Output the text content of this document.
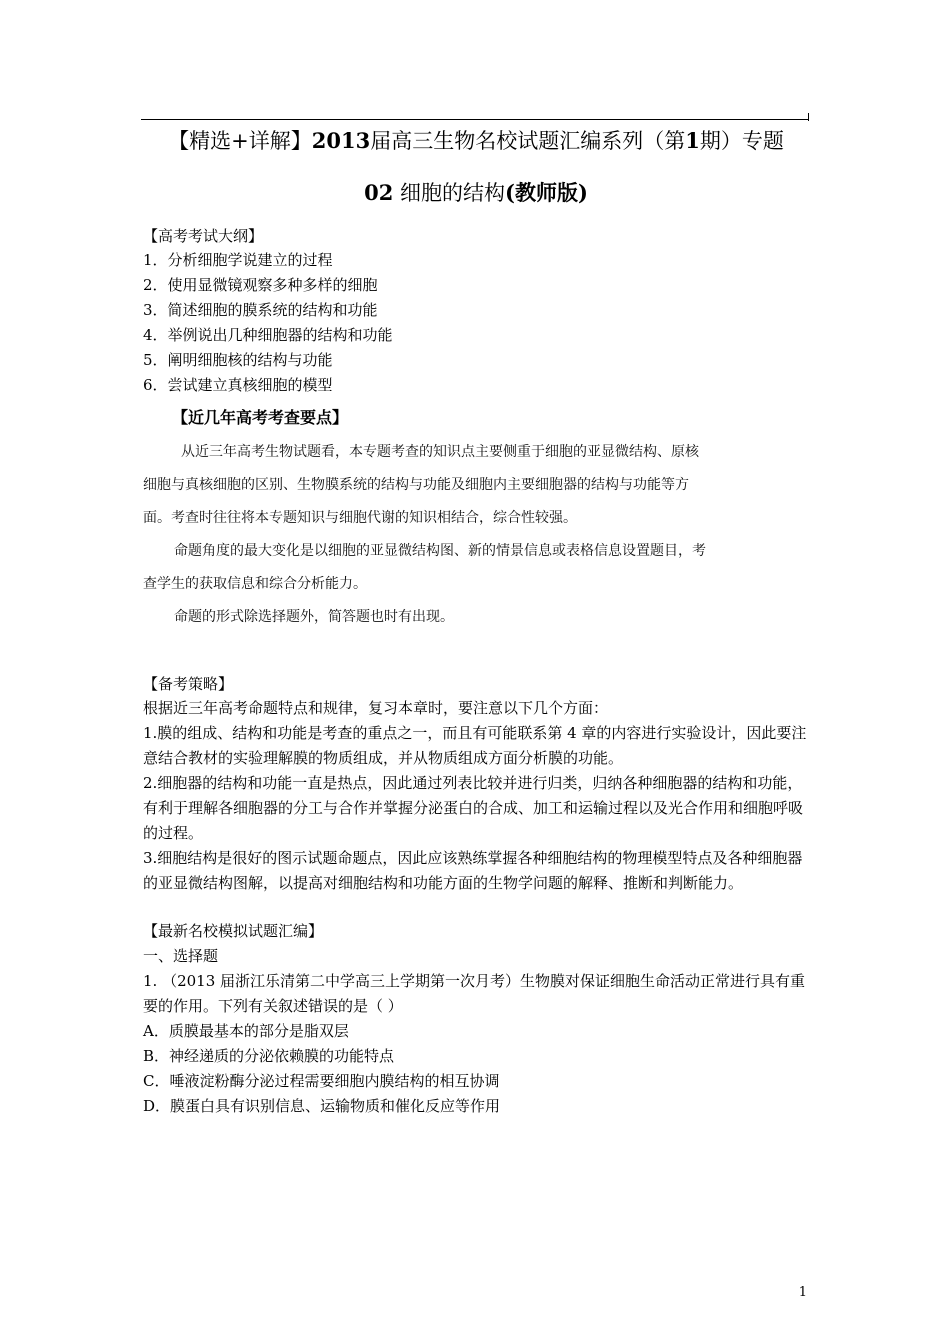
【精选+详解】2013届高三生物名校试题汇编系列（第1期）专题
02 细胞的结构(教师版)
【高考考试大纲】
1．分析细胞学说建立的过程
2．使用显微镜观察多种多样的细胞
3．简述细胞的膜系统的结构和功能
4．举例说出几种细胞器的结构和功能
5．阐明细胞核的结构与功能
6．尝试建立真核细胞的模型
【近几年高考考查要点】
从近三年高考生物试题看，本专题考查的知识点主要侧重于细胞的亚显微结构、原核
细胞与真核细胞的区别、生物膜系统的结构与功能及细胞内主要细胞器的结构与功能等方
面。考查时往往将本专题知识与细胞代谢的知识相结合，综合性较强。
命题角度的最大变化是以细胞的亚显微结构图、新的情景信息或表格信息设置题目，考
查学生的获取信息和综合分析能力。
命题的形式除选择题外，简答题也时有出现。
【备考策略】
根据近三年高考命题特点和规律，复习本章时，要注意以下几个方面：
1.膜的组成、结构和功能是考查的重点之一，而且有可能联系第 4 章的内容进行实验设计，因此要注意结合教材的实验理解膜的物质组成，并从物质组成方面分析膜的功能。
2.细胞器的结构和功能一直是热点，因此通过列表比较并进行归类，归纳各种细胞器的结构和功能，有利于理解各细胞器的分工与合作并掌握分泌蛋白的合成、加工和运输过程以及光合作用和细胞呼吸的过程。
3.细胞结构是很好的图示试题命题点，因此应该熟练掌握各种细胞结构的物理模型特点及各种细胞器的亚显微结构图解，以提高对细胞结构和功能方面的生物学问题的解释、推断和判断能力。
【最新名校模拟试题汇编】
一、选择题
1. （2013 届浙江乐清第二中学高三上学期第一次月考）生物膜对保证细胞生命活动正常进行具有重要的作用。下列有关叙述错误的是（ ）
A．质膜最基本的部分是脂双层
B．神经递质的分泌依赖膜的功能特点
C．唾液淀粉酶分泌过程需要细胞内膜结构的相互协调
D．膜蛋白具有识别信息、运输物质和催化反应等作用
1
